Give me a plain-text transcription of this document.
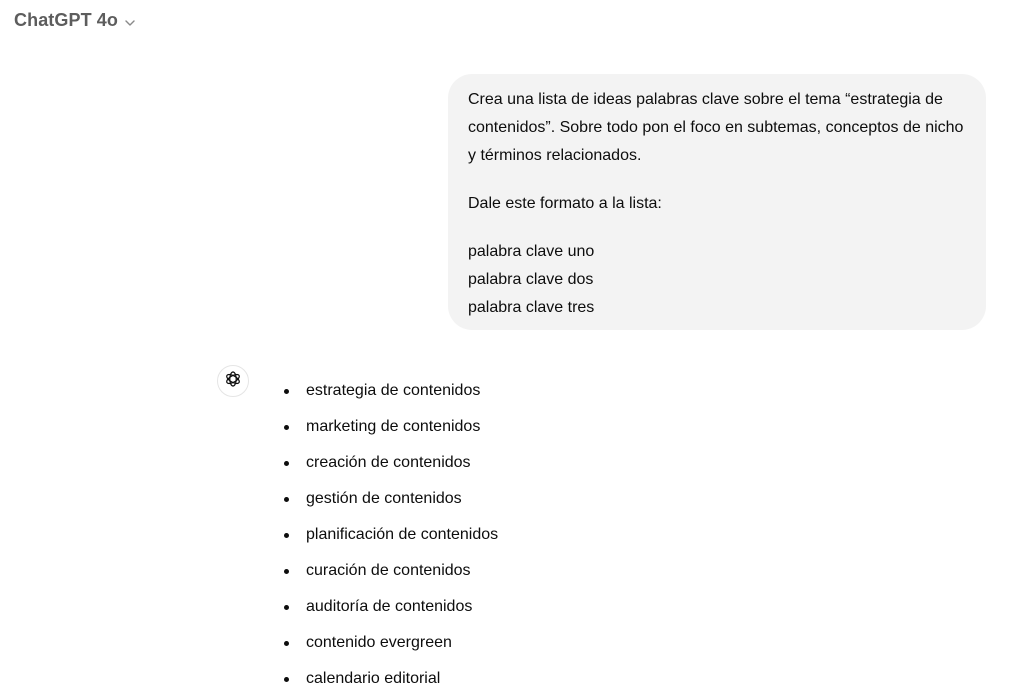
ChatGPT 4o

Crea una lista de ideas palabras clave sobre el tema “estrategia de contenidos”. Sobre todo pon el foco en subtemas, conceptos de nicho y términos relacionados.

Dale este formato a la lista:

palabra clave uno
palabra clave dos
palabra clave tres

estrategia de contenidos
marketing de contenidos
creación de contenidos
gestión de contenidos
planificación de contenidos
curación de contenidos
auditoría de contenidos
contenido evergreen
calendario editorial
